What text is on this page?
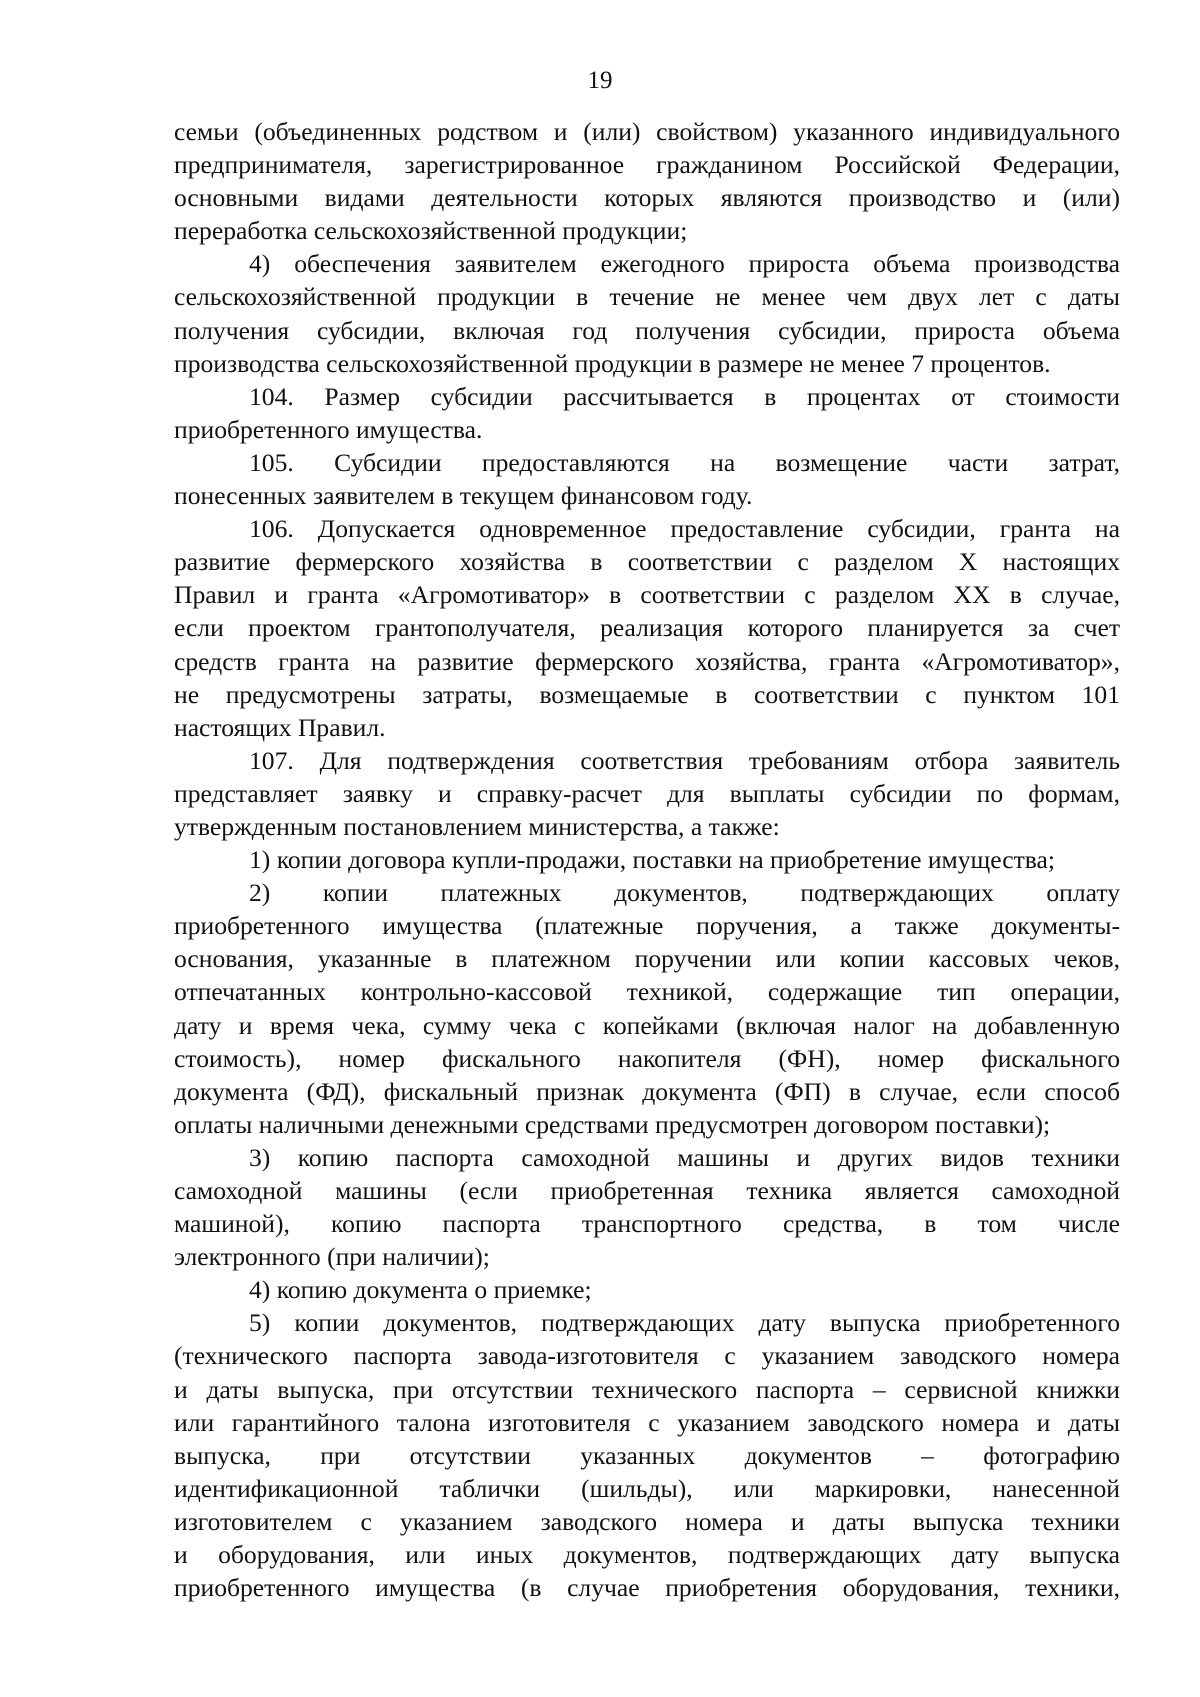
19

семьи (объединенных родством и (или) свойством) указанного индивидуального

предпринимателя, зарегистрированное гражданином Российской Федерации,

основными видами деятельности которых являются производство и (или)

переработка сельскохозяйственной продукции;

4) обеспечения заявителем ежегодного прироста объема производства

сельскохозяйственной продукции в течение не менее чем двух лет с даты

получения субсидии, включая год получения субсидии, прироста объема

производства сельскохозяйственной продукции в размере не менее 7 процентов.

104. Размер субсидии рассчитывается в процентах от стоимости

приобретенного имущества.

105. Субсидии предоставляются на возмещение части затрат,

понесенных заявителем в текущем финансовом году.

106. Допускается одновременное предоставление субсидии, гранта на

развитие фермерского хозяйства в соответствии с разделом X настоящих

Правил и гранта «Агромотиватор» в соответствии с разделом XX в случае,

если проектом грантополучателя, реализация которого планируется за счет

средств гранта на развитие фермерского хозяйства, гранта «Агромотиватор»,

не предусмотрены затраты, возмещаемые в соответствии с пунктом 101

настоящих Правил.

107. Для подтверждения соответствия требованиям отбора заявитель

представляет заявку и справку-расчет для выплаты субсидии по формам,

утвержденным постановлением министерства, а также:

1) копии договора купли-продажи, поставки на приобретение имущества;

2) копии платежных документов, подтверждающих оплату

приобретенного имущества (платежные поручения, а также документы-

основания, указанные в платежном поручении или копии кассовых чеков,

отпечатанных контрольно-кассовой техникой, содержащие тип операции,

дату и время чека, сумму чека с копейками (включая налог на добавленную

стоимость), номер фискального накопителя (ФН), номер фискального

документа (ФД), фискальный признак документа (ФП) в случае, если способ

оплаты наличными денежными средствами предусмотрен договором поставки);

3) копию паспорта самоходной машины и других видов техники

самоходной машины (если приобретенная техника является самоходной

машиной), копию паспорта транспортного средства, в том числе

электронного (при наличии);

4) копию документа о приемке;

5) копии документов, подтверждающих дату выпуска приобретенного

(технического паспорта завода-изготовителя с указанием заводского номера

и даты выпуска, при отсутствии технического паспорта – сервисной книжки

или гарантийного талона изготовителя с указанием заводского номера и даты

выпуска, при отсутствии указанных документов – фотографию

идентификационной таблички (шильды), или маркировки, нанесенной

изготовителем с указанием заводского номера и даты выпуска техники

и оборудования, или иных документов, подтверждающих дату выпуска

приобретенного имущества (в случае приобретения оборудования, техники,
